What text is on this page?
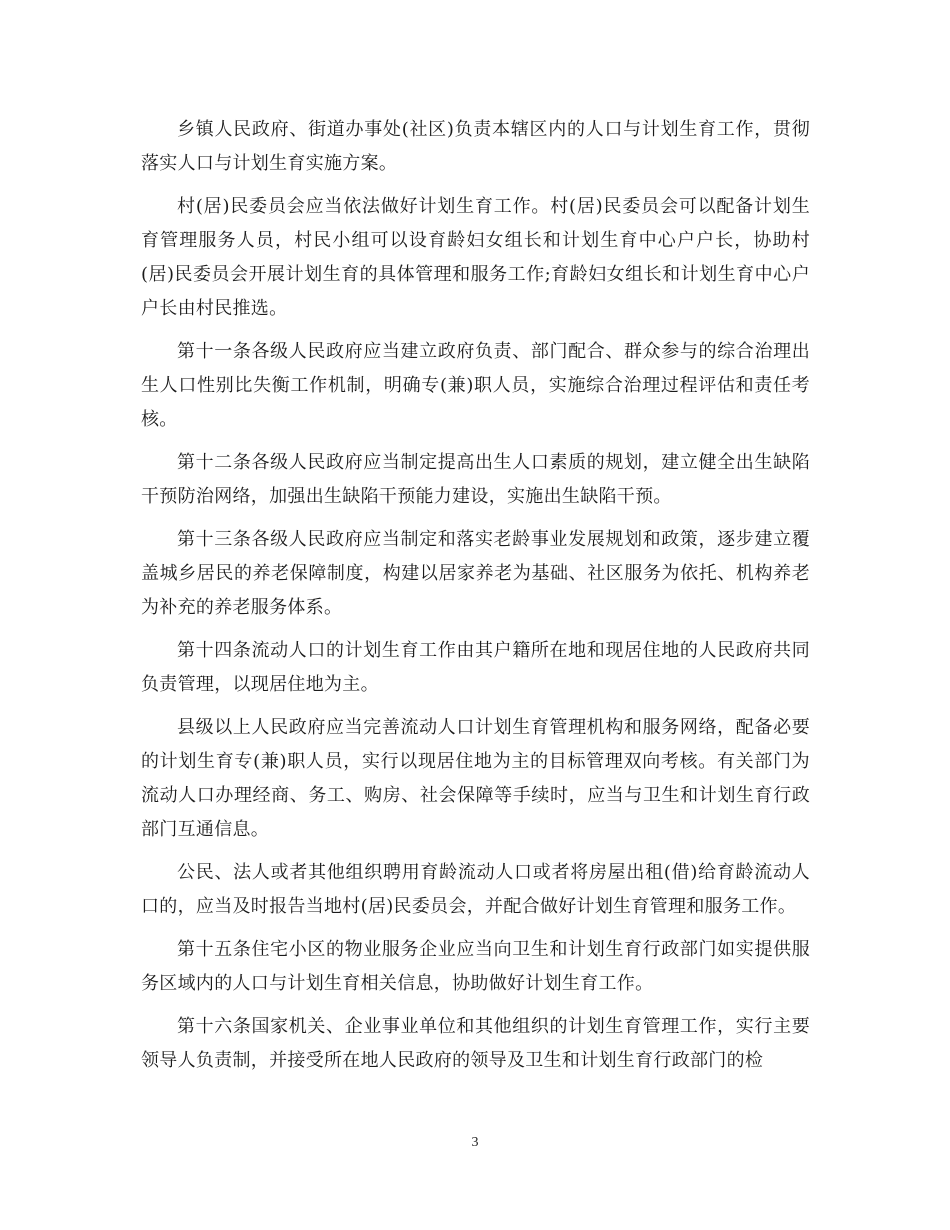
乡镇人民政府、街道办事处(社区)负责本辖区内的人口与计划生育工作，贯彻落实人口与计划生育实施方案。

村(居)民委员会应当依法做好计划生育工作。村(居)民委员会可以配备计划生育管理服务人员，村民小组可以设育龄妇女组长和计划生育中心户户长，协助村(居)民委员会开展计划生育的具体管理和服务工作;育龄妇女组长和计划生育中心户户长由村民推选。

第十一条各级人民政府应当建立政府负责、部门配合、群众参与的综合治理出生人口性别比失衡工作机制，明确专(兼)职人员，实施综合治理过程评估和责任考核。

第十二条各级人民政府应当制定提高出生人口素质的规划，建立健全出生缺陷干预防治网络，加强出生缺陷干预能力建设，实施出生缺陷干预。

第十三条各级人民政府应当制定和落实老龄事业发展规划和政策，逐步建立覆盖城乡居民的养老保障制度，构建以居家养老为基础、社区服务为依托、机构养老为补充的养老服务体系。

第十四条流动人口的计划生育工作由其户籍所在地和现居住地的人民政府共同负责管理，以现居住地为主。

县级以上人民政府应当完善流动人口计划生育管理机构和服务网络，配备必要的计划生育专(兼)职人员，实行以现居住地为主的目标管理双向考核。有关部门为流动人口办理经商、务工、购房、社会保障等手续时，应当与卫生和计划生育行政部门互通信息。

公民、法人或者其他组织聘用育龄流动人口或者将房屋出租(借)给育龄流动人口的，应当及时报告当地村(居)民委员会，并配合做好计划生育管理和服务工作。

第十五条住宅小区的物业服务企业应当向卫生和计划生育行政部门如实提供服务区域内的人口与计划生育相关信息，协助做好计划生育工作。

第十六条国家机关、企业事业单位和其他组织的计划生育管理工作，实行主要领导人负责制，并接受所在地人民政府的领导及卫生和计划生育行政部门的检

3
